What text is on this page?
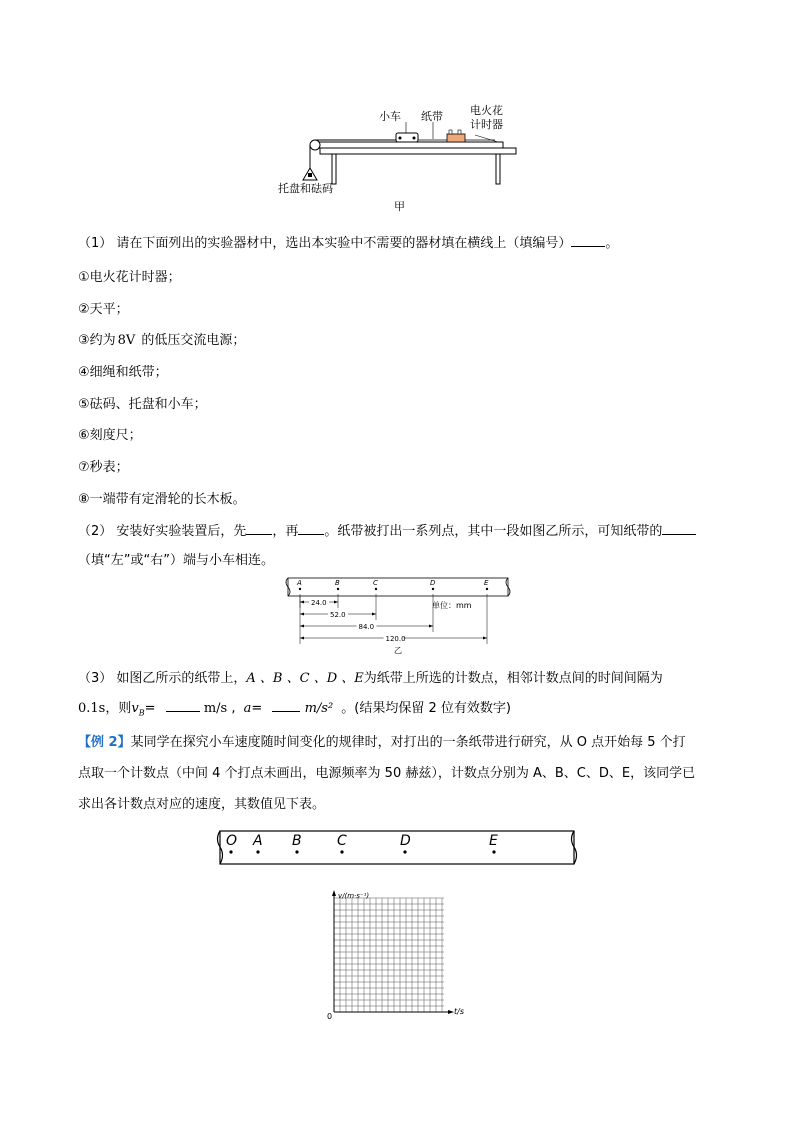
小车 纸带 电火花
计时器
托盘和砝码
甲
（1） 请在下面列出的实验器材中，选出本实验中不需要的器材填在横线上（填编号）	。
①电火花计时器；
②天平；
③约为 8V 的低压交流电源；
④细绳和纸带；
⑤砝码、托盘和小车；
⑥刻度尺；
⑦秒表；
⑧一端带有定滑轮的长木板。
（2） 安装好实验装置后，先 ，再 。纸带被打出一系列点，其中一段如图乙所示，可知纸带的
（填“左”或“右”）端与小车相连。
A	B	C	D	E
24.0
52.0
84.0
120.0
单位：mm
乙
（3） 如图乙所示的纸带上，A 、B 、C 、D 、E为纸带上所选的计数点，相邻计数点间的时间间隔为
0.1s，则$v_B=$	m/s , a=	m/s² 。(结果均保留 2 位有效数字)
【例 2】某同学在探究小车速度随时间变化的规律时，对打出的一条纸带进行研究，从 O 点开始每 5 个打
点取一个计数点（中间 4 个打点未画出，电源频率为 50 赫兹），计数点分别为 A、B、C、D、E，该同学已
求出各计数点对应的速度，其数值见下表。
O A B	C	D	E
v/(m·s⁻¹)
t/s
0
